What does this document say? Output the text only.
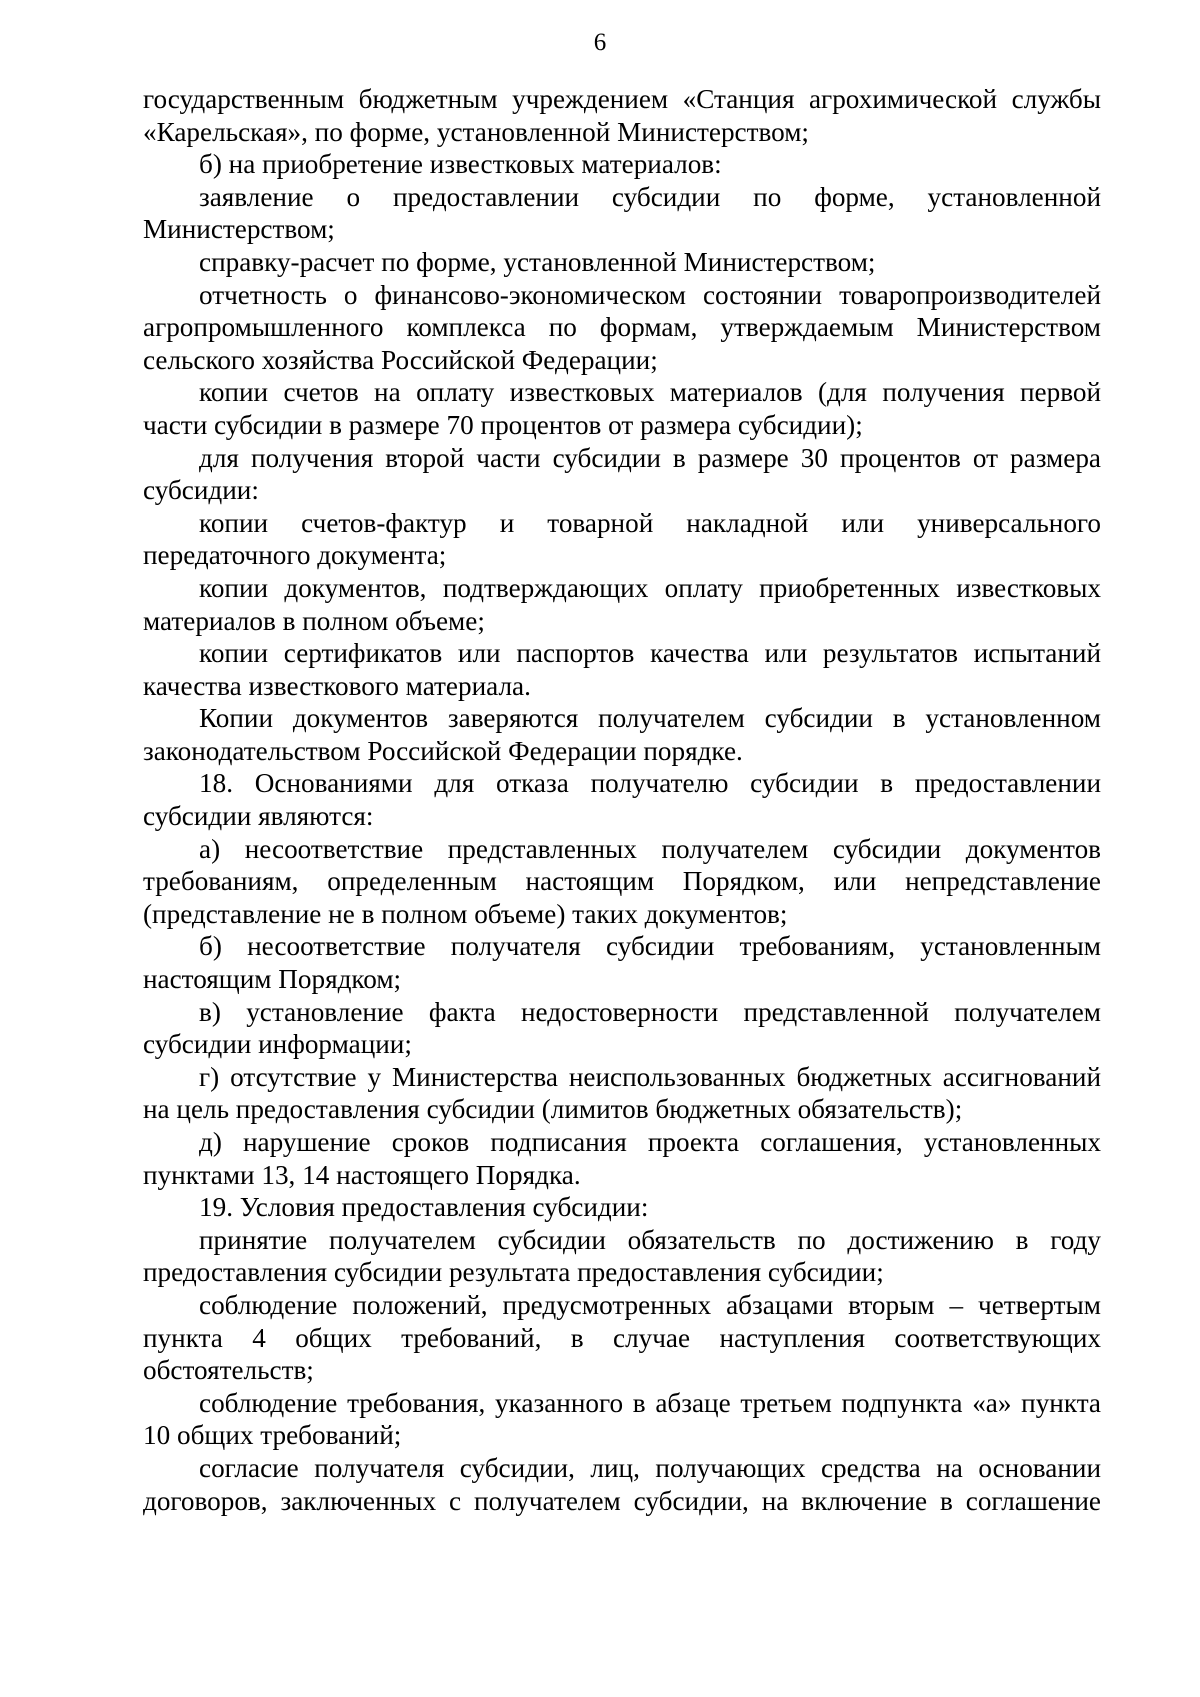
6

государственным бюджетным учреждением «Станция агрохимической службы «Карельская», по форме, установленной Министерством;

б) на приобретение известковых материалов:

заявление о предоставлении субсидии по форме, установленной Министерством;

справку-расчет по форме, установленной Министерством;

отчетность о финансово-экономическом состоянии товаропроизводителей агропромышленного комплекса по формам, утверждаемым Министерством сельского хозяйства Российской Федерации;

копии счетов на оплату известковых материалов (для получения первой части субсидии в размере 70 процентов от размера субсидии);

для получения второй части субсидии в размере 30 процентов от размера субсидии:

копии счетов-фактур и товарной накладной или универсального передаточного документа;

копии документов, подтверждающих оплату приобретенных известковых материалов в полном объеме;

копии сертификатов или паспортов качества или результатов испытаний качества известкового материала.

Копии документов заверяются получателем субсидии в установленном законодательством Российской Федерации порядке.

18. Основаниями для отказа получателю субсидии в предоставлении субсидии являются:

а) несоответствие представленных получателем субсидии документов требованиям, определенным настоящим Порядком, или непредставление (представление не в полном объеме) таких документов;

б) несоответствие получателя субсидии требованиям, установленным настоящим Порядком;

в) установление факта недостоверности представленной получателем субсидии информации;

г) отсутствие у Министерства неиспользованных бюджетных ассигнований на цель предоставления субсидии (лимитов бюджетных обязательств);

д) нарушение сроков подписания проекта соглашения, установленных пунктами 13, 14 настоящего Порядка.

19. Условия предоставления субсидии:

принятие получателем субсидии обязательств по достижению в году предоставления субсидии результата предоставления субсидии;

соблюдение положений, предусмотренных абзацами вторым – четвертым пункта 4 общих требований, в случае наступления соответствующих обстоятельств;

соблюдение требования, указанного в абзаце третьем подпункта «а» пункта 10 общих требований;

согласие получателя субсидии, лиц, получающих средства на основании договоров, заключенных с получателем субсидии, на включение в соглашение
